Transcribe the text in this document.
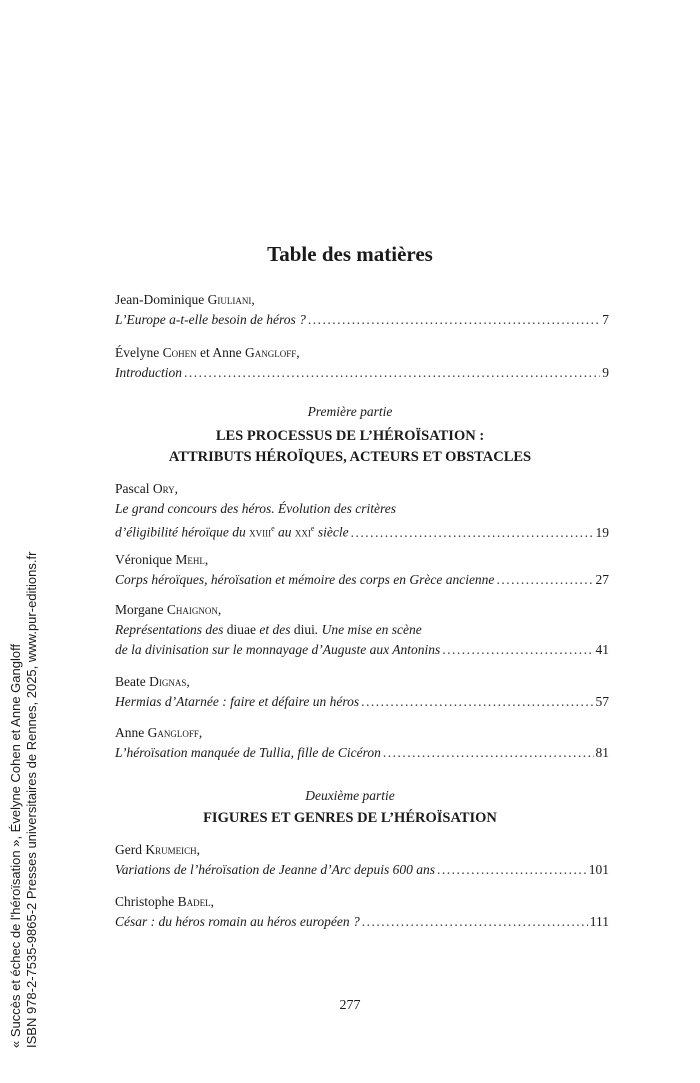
Table des matières
Jean-Dominique Giuliani,
L’Europe a-t-elle besoin de héros ? .....	7
Évelyne Cohen et Anne Gangloff,
Introduction .....	9
Première partie
LES PROCESSUS DE L’HÉROÏSATION :
ATTRIBUTS HÉROÏQUES, ACTEURS ET OBSTACLES
Pascal Ory,
Le grand concours des héros. Évolution des critères
d’éligibilité héroïque du xviii$^e$ au xxi$^e$ siècle .....	19
Véronique Mehl,
Corps héroïques, héroïsation et mémoire des corps en Grèce ancienne .....	27
Morgane Chaignon,
Représentations des diuae et des diui. Une mise en scène
de la divinisation sur le monnayage d’Auguste aux Antonins .....	41
Beate Dignas,
Hermias d’Atarnée : faire et défaire un héros .....	57
Anne Gangloff,
L’héroïsation manquée de Tullia, fille de Cicéron .....	81
Deuxième partie
FIGURES ET GENRES DE L’HÉROÏSATION
Gerd Krumeich,
Variations de l’héroïsation de Jeanne d’Arc depuis 600 ans .....	101
Christophe Badel,
César : du héros romain au héros européen ? .....	111
277
« Succès et échec de l'héroïsation », Évelyne Cohen et Anne Gangloff ISBN 978-2-7535-9865-2 Presses universitaires de Rennes, 2025, www.pur-editions.fr
